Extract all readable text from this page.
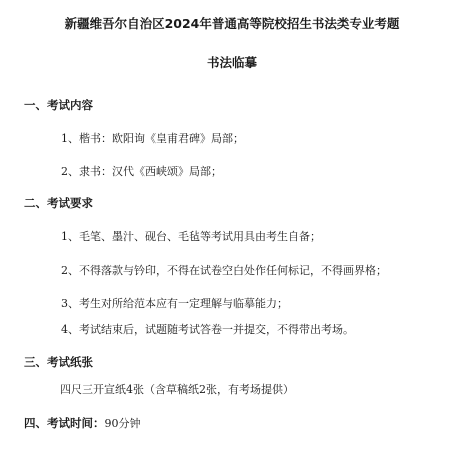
新疆维吾尔自治区2024年普通高等院校招生书法类专业考题
书法临摹
一、考试内容
1、楷书：欧阳询《皇甫君碑》局部；
2、隶书：汉代《西峡颂》局部；
二、考试要求
1、毛笔、墨汁、砚台、毛毡等考试用具由考生自备；
2、不得落款与钤印，不得在试卷空白处作任何标记，不得画界格；
3、考生对所给范本应有一定理解与临摹能力；
4、考试结束后，试题随考试答卷一并提交，不得带出考场。
三、考试纸张
四尺三开宣纸4张（含草稿纸2张，有考场提供）
四、考试时间：90分钟
